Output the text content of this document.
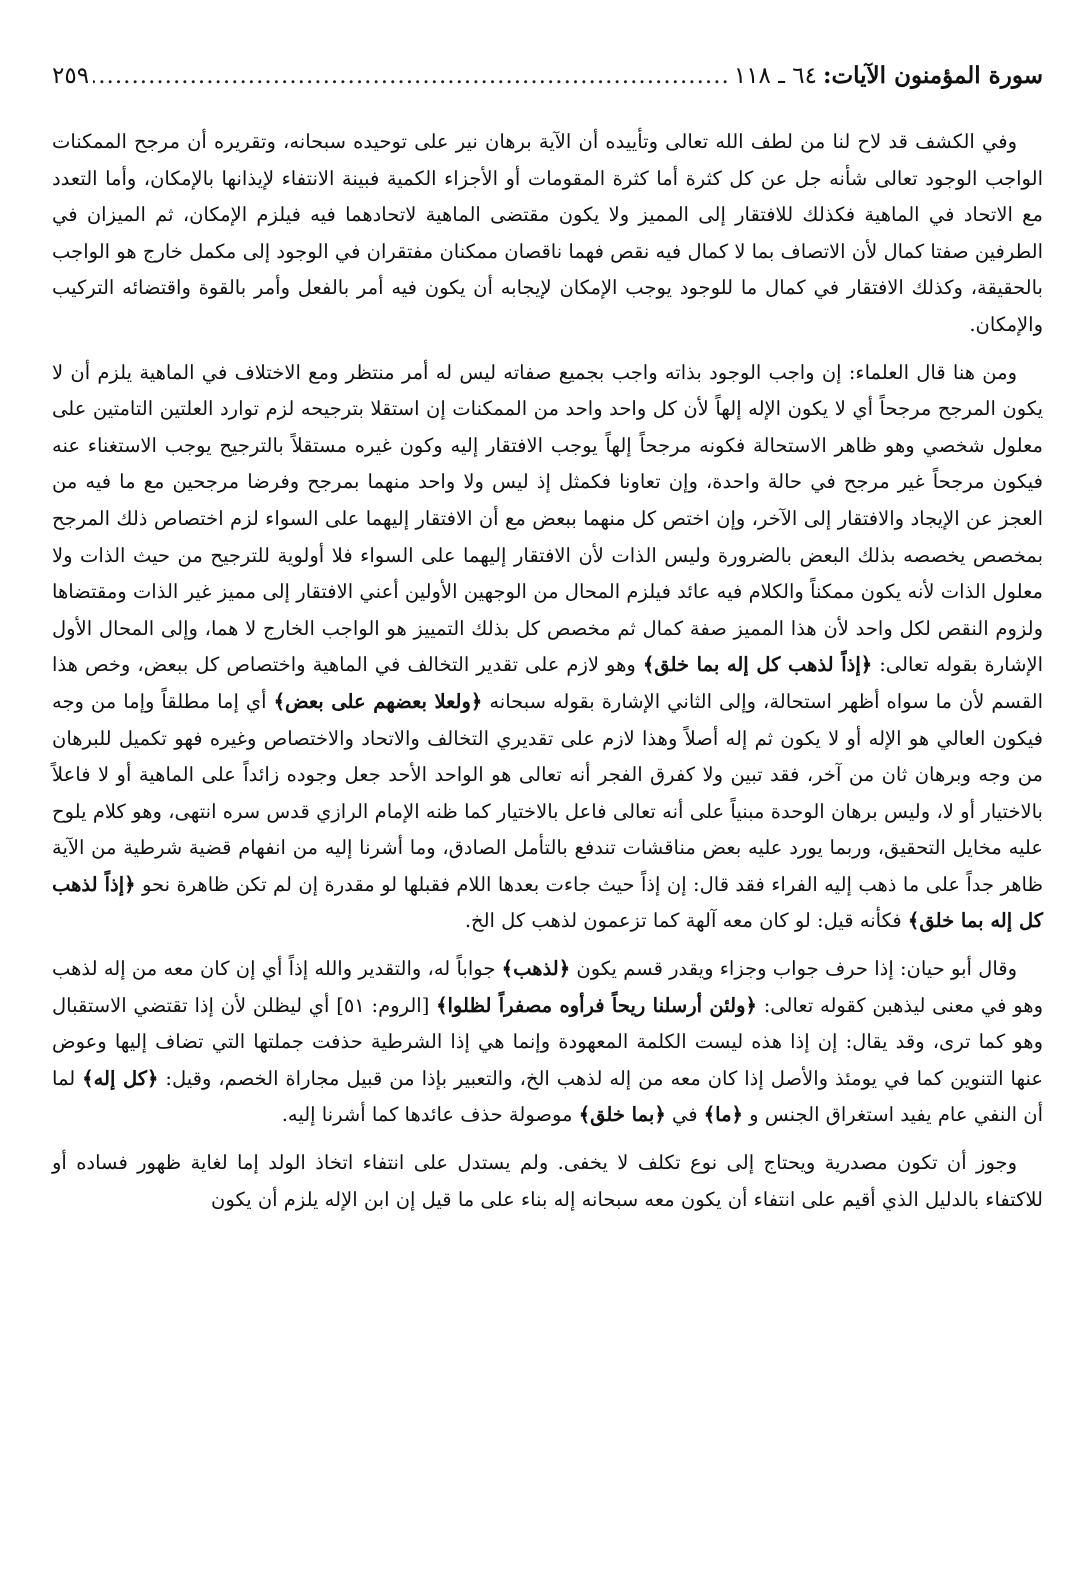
سورة المؤمنون الآيات:
٦٤ ـ ١١٨
.....
٢٥٩

وفي الكشف قد لاح لنا من لطف الله تعالى وتأييده أن الآية برهان نير على توحيده سبحانه، وتقريره أن مرجح الممكنات الواجب الوجود تعالى شأنه جل عن كل كثرة أما كثرة المقومات أو الأجزاء الكمية فبينة الانتفاء لإيذانها بالإمكان، وأما التعدد مع الاتحاد في الماهية فكذلك للافتقار إلى المميز ولا يكون مقتضى الماهية لاتحادهما فيه فيلزم الإمكان، ثم الميزان في الطرفين صفتا كمال لأن الاتصاف بما لا كمال فيه نقص فهما ناقصان ممكنان مفتقران في الوجود إلى مكمل خارج هو الواجب بالحقيقة، وكذلك الافتقار في كمال ما للوجود يوجب الإمكان لإيجابه أن يكون فيه أمر بالفعل وأمر بالقوة واقتضائه التركيب والإمكان.

ومن هنا قال العلماء: إن واجب الوجود بذاته واجب بجميع صفاته ليس له أمر منتظر ومع الاختلاف في الماهية يلزم أن لا يكون المرجح مرجحاً أي لا يكون الإله إلهاً لأن كل واحد واحد من الممكنات إن استقلا بترجيحه لزم توارد العلتين التامتين على معلول شخصي وهو ظاهر الاستحالة فكونه مرجحاً إلهاً يوجب الافتقار إليه وكون غيره مستقلاً بالترجيح يوجب الاستغناء عنه فيكون مرجحاً غير مرجح في حالة واحدة، وإن تعاونا فكمثل إذ ليس ولا واحد منهما بمرجح وفرضا مرجحين مع ما فيه من العجز عن الإيجاد والافتقار إلى الآخر، وإن اختص كل منهما ببعض مع أن الافتقار إليهما على السواء لزم اختصاص ذلك المرجح بمخصص يخصصه بذلك البعض بالضرورة وليس الذات لأن الافتقار إليهما على السواء فلا أولوية للترجيح من حيث الذات ولا معلول الذات لأنه يكون ممكناً والكلام فيه عائد فيلزم المحال من الوجهين الأولين أعني الافتقار إلى مميز غير الذات ومقتضاها ولزوم النقص لكل واحد لأن هذا المميز صفة كمال ثم مخصص كل بذلك التمييز هو الواجب الخارج لا هما، وإلى المحال الأول الإشارة بقوله تعالى: ﴿إذاً لذهب كل إله بما خلق﴾ وهو لازم على تقدير التخالف في الماهية واختصاص كل ببعض، وخص هذا القسم لأن ما سواه أظهر استحالة، وإلى الثاني الإشارة بقوله سبحانه ﴿ولعلا بعضهم على بعض﴾ أي إما مطلقاً وإما من وجه فيكون العالي هو الإله أو لا يكون ثم إله أصلاً وهذا لازم على تقديري التخالف والاتحاد والاختصاص وغيره فهو تكميل للبرهان من وجه وبرهان ثان من آخر، فقد تبين ولا كفرق الفجر أنه تعالى هو الواحد الأحد جعل وجوده زائداً على الماهية أو لا فاعلاً بالاختيار أو لا، وليس برهان الوحدة مبنياً على أنه تعالى فاعل بالاختيار كما ظنه الإمام الرازي قدس سره انتهى، وهو كلام يلوح عليه مخايل التحقيق، وربما يورد عليه بعض مناقشات تندفع بالتأمل الصادق، وما أشرنا إليه من انفهام قضية شرطية من الآية ظاهر جداً على ما ذهب إليه الفراء فقد قال: إن إذاً حيث جاءت بعدها اللام فقبلها لو مقدرة إن لم تكن ظاهرة نحو ﴿إذاً لذهب كل إله بما خلق﴾ فكأنه قيل: لو كان معه آلهة كما تزعمون لذهب كل الخ.

وقال أبو حيان: إذا حرف جواب وجزاء ويقدر قسم يكون ﴿لذهب﴾ جواباً له، والتقدير والله إذاً أي إن كان معه من إله لذهب وهو في معنى ليذهبن كقوله تعالى: ﴿ولئن أرسلنا ريحاً فرأوه مصفراً لظلوا﴾ [الروم: ٥١] أي ليظلن لأن إذا تقتضي الاستقبال وهو كما ترى، وقد يقال: إن إذا هذه ليست الكلمة المعهودة وإنما هي إذا الشرطية حذفت جملتها التي تضاف إليها وعوض عنها التنوين كما في يومئذ والأصل إذا كان معه من إله لذهب الخ، والتعبير بإذا من قبيل مجاراة الخصم، وقيل: ﴿كل إله﴾ لما أن النفي عام يفيد استغراق الجنس و ﴿ما﴾ في ﴿بما خلق﴾ موصولة حذف عائدها كما أشرنا إليه.

وجوز أن تكون مصدرية ويحتاج إلى نوع تكلف لا يخفى. ولم يستدل على انتفاء اتخاذ الولد إما لغاية ظهور فساده أو للاكتفاء بالدليل الذي أقيم على انتفاء أن يكون معه سبحانه إله بناء على ما قيل إن ابن الإله يلزم أن يكون
